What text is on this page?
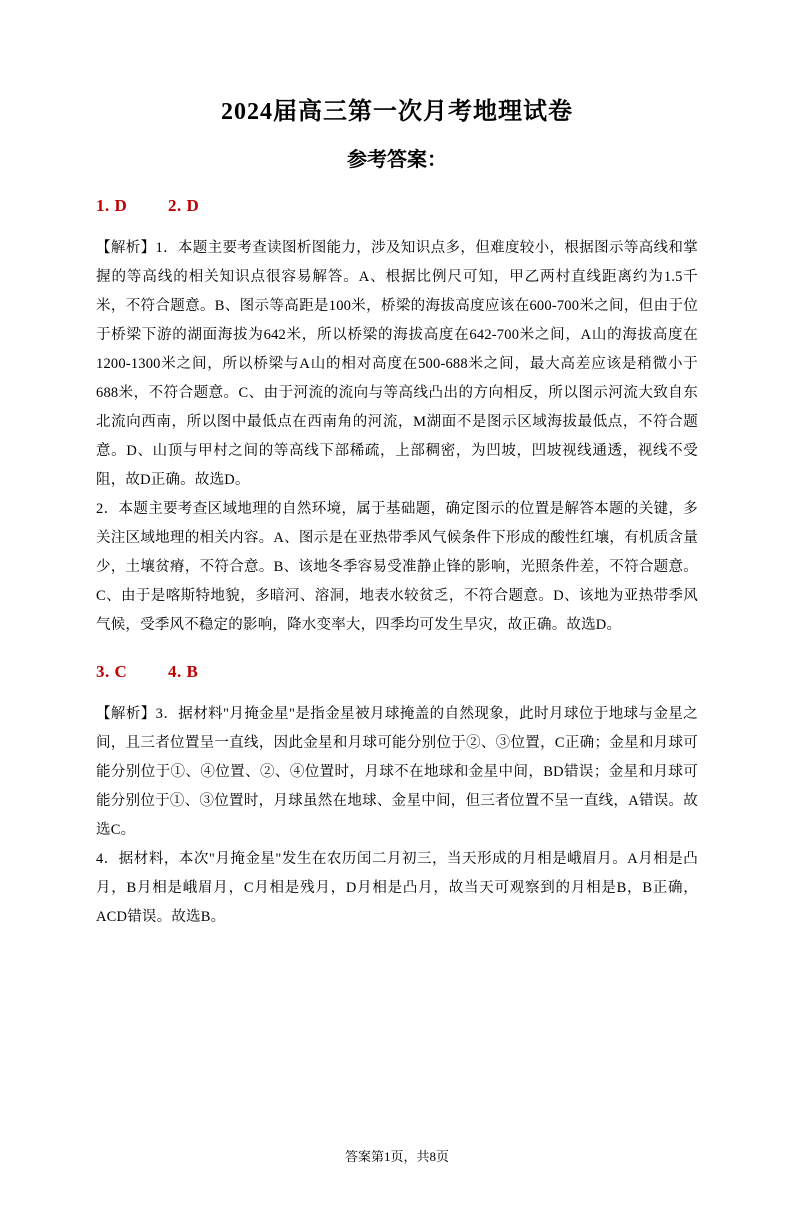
2024届高三第一次月考地理试卷
参考答案：
1. D 2. D

【解析】1．本题主要考查读图析图能力，涉及知识点多，但难度较小，根据图示等高线和掌握的等高线的相关知识点很容易解答。A、根据比例尺可知，甲乙两村直线距离约为1.5千米，不符合题意。B、图示等高距是100米，桥梁的海拔高度应该在600-700米之间，但由于位于桥梁下游的湖面海拔为642米，所以桥梁的海拔高度在642-700米之间，A山的海拔高度在1200-1300米之间，所以桥梁与A山的相对高度在500-688米之间，最大高差应该是稍微小于688米，不符合题意。C、由于河流的流向与等高线凸出的方向相反，所以图示河流大致自东北流向西南，所以图中最低点在西南角的河流，M湖面不是图示区域海拔最低点，不符合题意。D、山顶与甲村之间的等高线下部稀疏，上部稠密，为凹坡，凹坡视线通透，视线不受阻，故D正确。故选D。

2．本题主要考查区域地理的自然环境，属于基础题，确定图示的位置是解答本题的关键，多关注区域地理的相关内容。A、图示是在亚热带季风气候条件下形成的酸性红壤，有机质含量少，土壤贫瘠，不符合意。B、该地冬季容易受准静止锋的影响，光照条件差，不符合题意。C、由于是喀斯特地貌，多暗河、溶洞，地表水较贫乏，不符合题意。D、该地为亚热带季风气候，受季风不稳定的影响，降水变率大，四季均可发生旱灾，故正确。故选D。

3. C 4. B

【解析】3．据材料"月掩金星"是指金星被月球掩盖的自然现象，此时月球位于地球与金星之间，且三者位置呈一直线，因此金星和月球可能分别位于②、③位置，C正确；金星和月球可能分别位于①、④位置、②、④位置时，月球不在地球和金星中间，BD错误；金星和月球可能分别位于①、③位置时，月球虽然在地球、金星中间，但三者位置不呈一直线，A错误。故选C。

4．据材料，本次"月掩金星"发生在农历闰二月初三，当天形成的月相是峨眉月。A月相是凸月，B月相是峨眉月，C月相是残月，D月相是凸月，故当天可观察到的月相是B，B正确，ACD错误。故选B。

答案第1页，共8页
